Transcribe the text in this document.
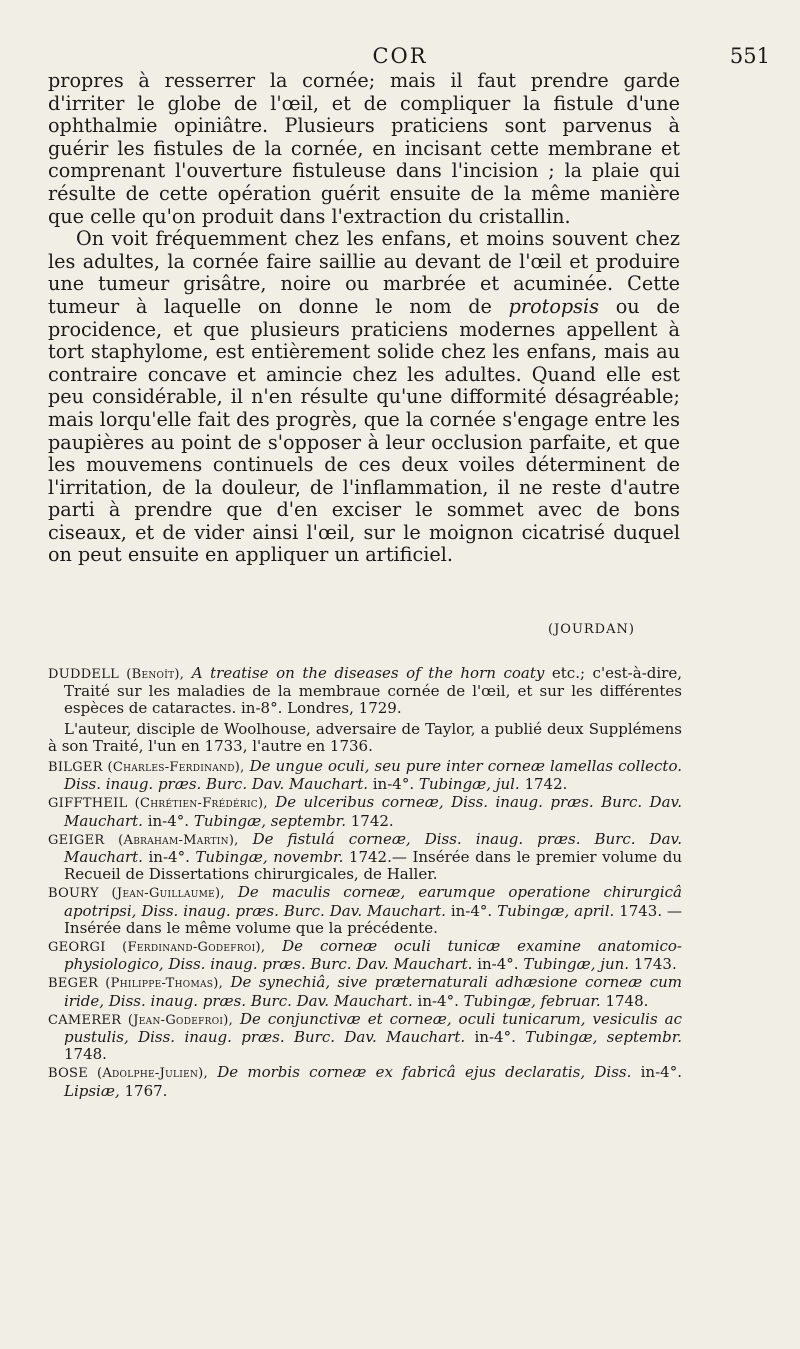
COR	551

propres à resserrer la cornée; mais il faut prendre garde d'irriter le globe de l'œil, et de compliquer la fistule d'une ophthalmie opiniâtre. Plusieurs praticiens sont parvenus à guérir les fistules de la cornée, en incisant cette membrane et comprenant l'ouverture fistuleuse dans l'incision ; la plaie qui résulte de cette opération guérit ensuite de la même manière que celle qu'on produit dans l'extraction du cristallin.

On voit fréquemment chez les enfans, et moins souvent chez les adultes, la cornée faire saillie au devant de l'œil et produire une tumeur grisâtre, noire ou marbrée et acuminée. Cette tumeur à laquelle on donne le nom de protopsis ou de procidence, et que plusieurs praticiens modernes appellent à tort staphylome, est entièrement solide chez les enfans, mais au contraire concave et amincie chez les adultes. Quand elle est peu considérable, il n'en résulte qu'une difformité désagréable; mais lorqu'elle fait des progrès, que la cornée s'engage entre les paupières au point de s'opposer à leur occlusion parfaite, et que les mouvemens continuels de ces deux voiles déterminent de l'irritation, de la douleur, de l'inflammation, il ne reste d'autre parti à prendre que d'en exciser le sommet avec de bons ciseaux, et de vider ainsi l'œil, sur le moignon cicatrisé duquel on peut ensuite en appliquer un artificiel.

(JOURDAN)
DUDDELL (Benoît), A treatise on the diseases of the horn coaty etc.; c'est-à-dire, Traité sur les maladies de la membraue cornée de l'œil, et sur les différentes espèces de cataractes. in-8°. Londres, 1729.
L'auteur, disciple de Woolhouse, adversaire de Taylor, a publié deux Supplémens à son Traité, l'un en 1733, l'autre en 1736.
BILGER (Charles-Ferdinand), De ungue oculi, seu pure inter corneæ lamellas collecto. Diss. inaug. præs. Burc. Dav. Mauchart. in-4°. Tubingæ, jul. 1742.
GIFFTHEIL (Chrétien-Frédéric), De ulceribus corneæ, Diss. inaug. præs. Burc. Dav. Mauchart. in-4°. Tubingæ, septembr. 1742.
GEIGER (Abraham-Martin), De fistulá corneæ, Diss. inaug. præs. Burc. Dav. Mauchart. in-4°. Tubingæ, novembr. 1742.— Insérée dans le premier volume du Recueil de Dissertations chirurgicales, de Haller.
BOURY (Jean-Guillaume), De maculis corneæ, earumque operatione chirurgicâ apotripsi, Diss. inaug. præs. Burc. Dav. Mauchart. in-4°. Tubingæ, april. 1743. — Insérée dans le même volume que la précédente.
GEORGI (Ferdinand-Godefroi), De corneæ oculi tunicæ examine anatomico-physiologico, Diss. inaug. præs. Burc. Dav. Mauchart. in-4°. Tubingæ, jun. 1743.
BEGER (Philippe-Thomas), De synechiâ, sive præternaturali adhæsione corneæ cum iride, Diss. inaug. præs. Burc. Dav. Mauchart. in-4°. Tubingæ, februar. 1748.
CAMERER (Jean-Godefroi), De conjunctivæ et corneæ, oculi tunicarum, vesiculis ac pustulis, Diss. inaug. præs. Burc. Dav. Mauchart. in-4°. Tubingæ, septembr. 1748.
BOSE (Adolphe-Julien), De morbis corneæ ex fabricâ ejus declaratis, Diss. in-4°. Lipsiæ, 1767.
